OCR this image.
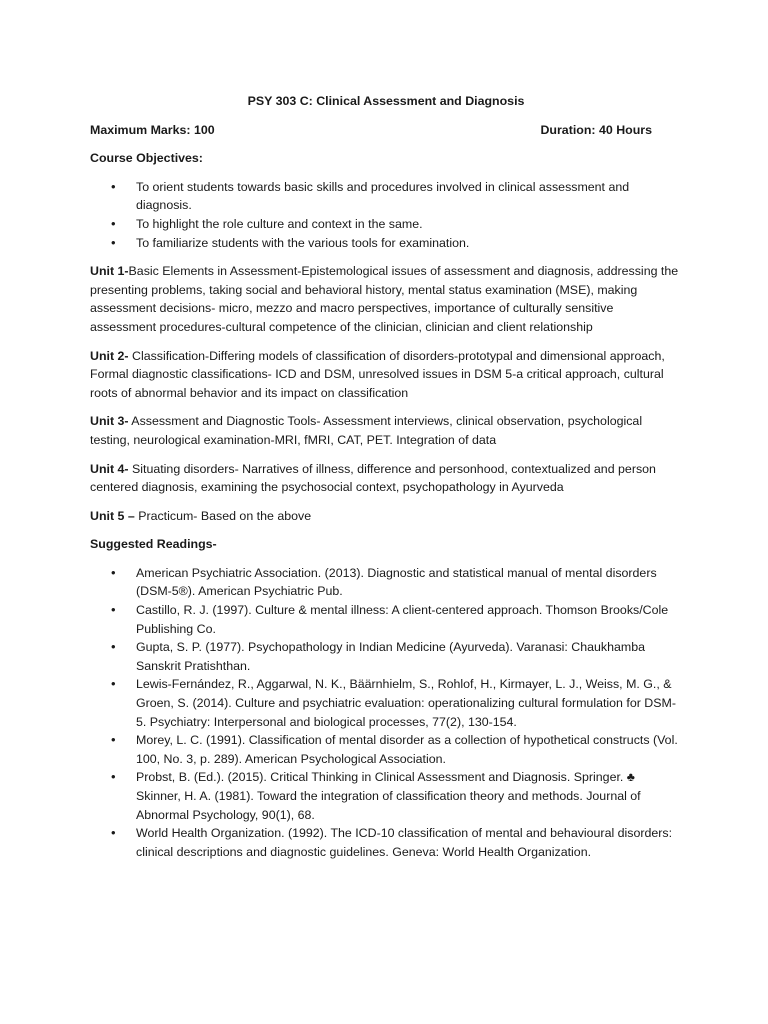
PSY 303 C: Clinical Assessment and Diagnosis

Maximum Marks: 100	Duration: 40 Hours

Course Objectives:

• To orient students towards basic skills and procedures involved in clinical assessment and diagnosis.
• To highlight the role culture and context in the same.
• To familiarize students with the various tools for examination.

Unit 1-Basic Elements in Assessment-Epistemological issues of assessment and diagnosis, addressing the presenting problems, taking social and behavioral history, mental status examination (MSE), making assessment decisions- micro, mezzo and macro perspectives, importance of culturally sensitive assessment procedures-cultural competence of the clinician, clinician and client relationship

Unit 2- Classification-Differing models of classification of disorders-prototypal and dimensional approach, Formal diagnostic classifications- ICD and DSM, unresolved issues in DSM 5-a critical approach, cultural roots of abnormal behavior and its impact on classification

Unit 3- Assessment and Diagnostic Tools- Assessment interviews, clinical observation, psychological testing, neurological examination-MRI, fMRI, CAT, PET. Integration of data

Unit 4- Situating disorders- Narratives of illness, difference and personhood, contextualized and person centered diagnosis, examining the psychosocial context, psychopathology in Ayurveda

Unit 5 – Practicum- Based on the above

Suggested Readings-

• American Psychiatric Association. (2013). Diagnostic and statistical manual of mental disorders (DSM-5®). American Psychiatric Pub.
• Castillo, R. J. (1997). Culture & mental illness: A client-centered approach. Thomson Brooks/Cole Publishing Co.
• Gupta, S. P. (1977). Psychopathology in Indian Medicine (Ayurveda). Varanasi: Chaukhamba Sanskrit Pratishthan.
• Lewis-Fernández, R., Aggarwal, N. K., Bäärnhielm, S., Rohlof, H., Kirmayer, L. J., Weiss, M. G., & Groen, S. (2014). Culture and psychiatric evaluation: operationalizing cultural formulation for DSM-5. Psychiatry: Interpersonal and biological processes, 77(2), 130-154.
• Morey, L. C. (1991). Classification of mental disorder as a collection of hypothetical constructs (Vol. 100, No. 3, p. 289). American Psychological Association.
• Probst, B. (Ed.). (2015). Critical Thinking in Clinical Assessment and Diagnosis. Springer. ♣ Skinner, H. A. (1981). Toward the integration of classification theory and methods. Journal of Abnormal Psychology, 90(1), 68.
• World Health Organization. (1992). The ICD-10 classification of mental and behavioural disorders: clinical descriptions and diagnostic guidelines. Geneva: World Health Organization.
